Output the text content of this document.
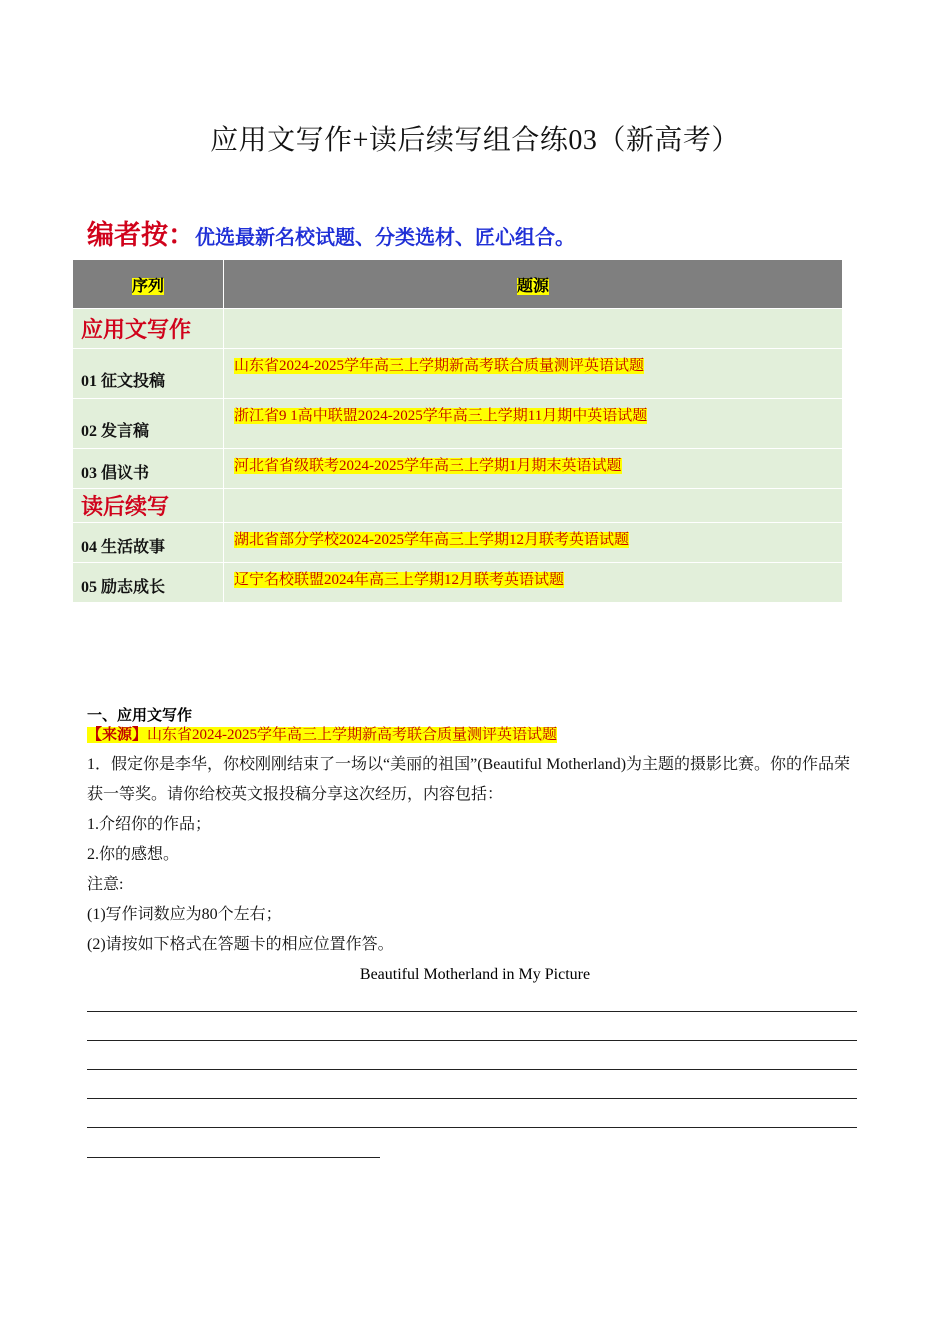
应用文写作+读后续写组合练03（新高考）
编者按：优选最新名校试题、分类选材、匠心组合。
序列	题源
应用文写作	
01 征文投稿	山东省2024-2025学年高三上学期新高考联合质量测评英语试题
02 发言稿	浙江省9 1高中联盟2024-2025学年高三上学期11月期中英语试题
03 倡议书	河北省省级联考2024-2025学年高三上学期1月期末英语试题
读后续写	
04 生活故事	湖北省部分学校2024-2025学年高三上学期12月联考英语试题
05 励志成长	辽宁名校联盟2024年高三上学期12月联考英语试题
一、应用文写作
【来源】山东省2024-2025学年高三上学期新高考联合质量测评英语试题
1．假定你是李华，你校刚刚结束了一场以“美丽的祖国”(Beautiful Motherland)为主题的摄影比赛。你的作品荣获一等奖。请你给校英文报投稿分享这次经历，内容包括：
1.介绍你的作品；
2.你的感想。
注意:
(1)写作词数应为80个左右；
(2)请按如下格式在答题卡的相应位置作答。
Beautiful Motherland in My Picture
